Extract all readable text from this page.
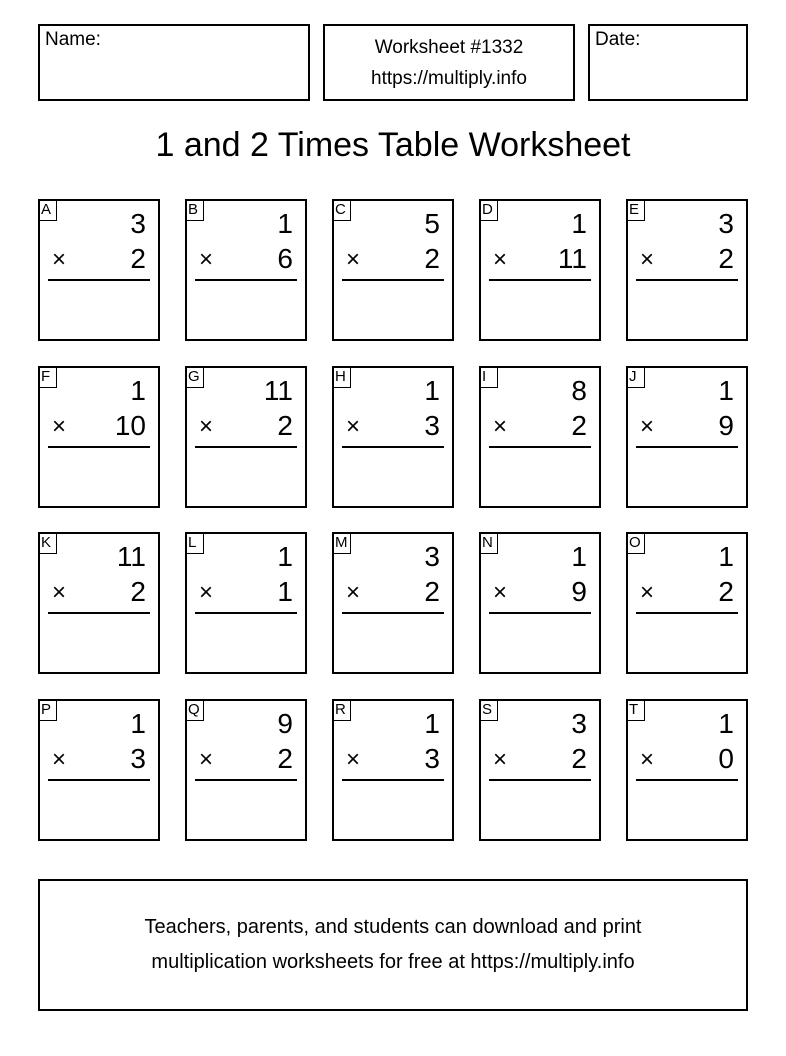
Name:	Worksheet #1332
https://multiply.info
Date:
1 and 2 Times Table Worksheet
A	3
× 2
B	1
× 6
C	5
× 2
D	1
× 11
E	3
× 2
F	1
× 10
G 11
× 2
H	1
× 3
I	8
× 2
J	1
× 9
K 11
× 2
L	1
× 1
M	3
× 2
N	1
× 9
O	1
× 2
P	1
× 3
Q	9
× 2
R	1
× 3
S	3
× 2
T	1
× 0
Teachers, parents, and students can download and print
multiplication worksheets for free at https://multiply.info
